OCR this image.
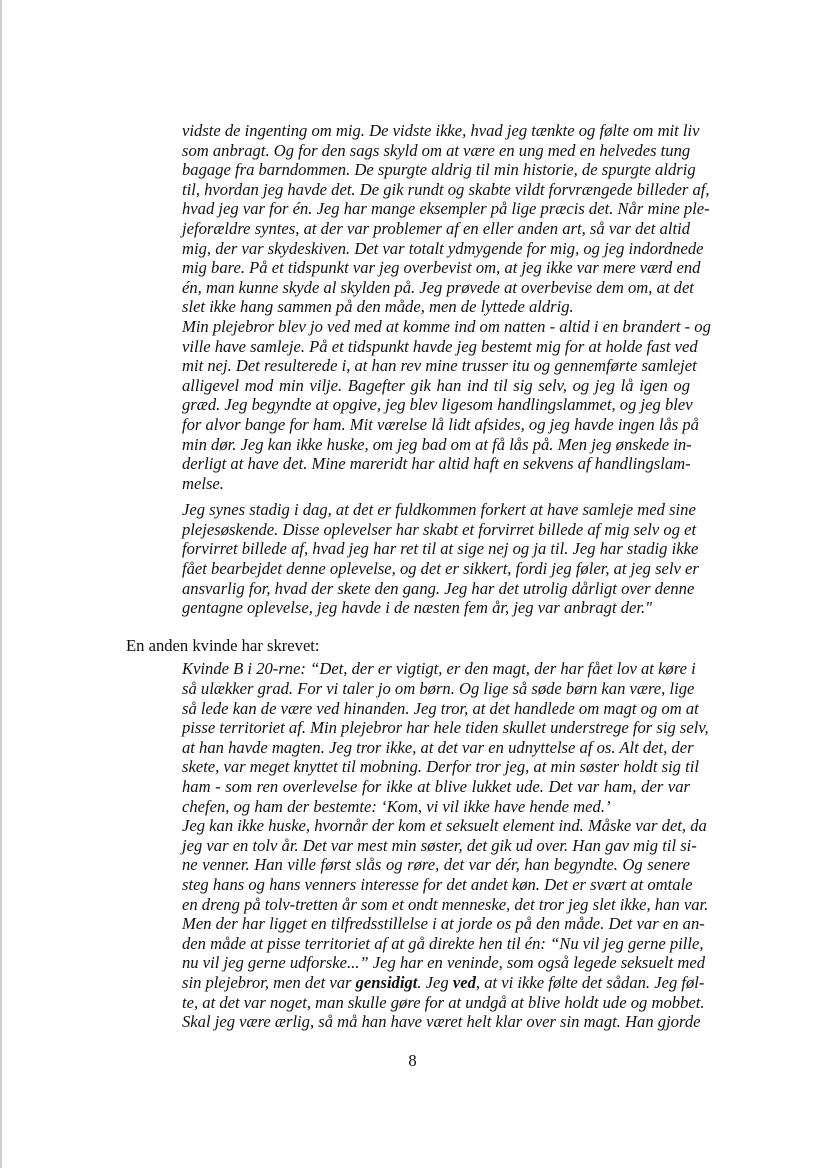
vidste de ingenting om mig. De vidste ikke, hvad jeg tænkte og følte om mit liv
som anbragt. Og for den sags skyld om at være en ung med en helvedes tung
bagage fra barndommen. De spurgte aldrig til min historie, de spurgte aldrig
til, hvordan jeg havde det. De gik rundt og skabte vildt forvrængede billeder af,
hvad jeg var for én. Jeg har mange eksempler på lige præcis det. Når mine ple-
jeforældre syntes, at der var problemer af en eller anden art, så var det altid
mig, der var skydeskiven. Det var totalt ydmygende for mig, og jeg indordnede
mig bare. På et tidspunkt var jeg overbevist om, at jeg ikke var mere værd end
én, man kunne skyde al skylden på. Jeg prøvede at overbevise dem om, at det
slet ikke hang sammen på den måde, men de lyttede aldrig.
Min plejebror blev jo ved med at komme ind om natten - altid i en brandert - og
ville have samleje. På et tidspunkt havde jeg bestemt mig for at holde fast ved
mit nej. Det resulterede i, at han rev mine trusser itu og gennemførte samlejet
alligevel mod min vilje. Bagefter gik han ind til sig selv, og jeg lå igen og
græd. Jeg begyndte at opgive, jeg blev ligesom handlingslammet, og jeg blev
for alvor bange for ham. Mit værelse lå lidt afsides, og jeg havde ingen lås på
min dør. Jeg kan ikke huske, om jeg bad om at få lås på. Men jeg ønskede in-
derligt at have det. Mine mareridt har altid haft en sekvens af handlingslam-
melse.
Jeg synes stadig i dag, at det er fuldkommen forkert at have samleje med sine
plejesøskende. Disse oplevelser har skabt et forvirret billede af mig selv og et
forvirret billede af, hvad jeg har ret til at sige nej og ja til. Jeg har stadig ikke
fået bearbejdet denne oplevelse, og det er sikkert, fordi jeg føler, at jeg selv er
ansvarlig for, hvad der skete den gang. Jeg har det utrolig dårligt over denne
gentagne oplevelse, jeg havde i de næsten fem år, jeg var anbragt der."
En anden kvinde har skrevet:
Kvinde B i 20-rne: “Det, der er vigtigt, er den magt, der har fået lov at køre i
så ulækker grad. For vi taler jo om børn. Og lige så søde børn kan være, lige
så lede kan de være ved hinanden. Jeg tror, at det handlede om magt og om at
pisse territoriet af. Min plejebror har hele tiden skullet understrege for sig selv,
at han havde magten. Jeg tror ikke, at det var en udnyttelse af os. Alt det, der
skete, var meget knyttet til mobning. Derfor tror jeg, at min søster holdt sig til
ham - som ren overlevelse for ikke at blive lukket ude. Det var ham, der var
chefen, og ham der bestemte: ‘Kom, vi vil ikke have hende med.’
Jeg kan ikke huske, hvornår der kom et seksuelt element ind. Måske var det, da
jeg var en tolv år. Det var mest min søster, det gik ud over. Han gav mig til si-
ne venner. Han ville først slås og røre, det var dér, han begyndte. Og senere
steg hans og hans venners interesse for det andet køn. Det er svært at omtale
en dreng på tolv-tretten år som et ondt menneske, det tror jeg slet ikke, han var.
Men der har ligget en tilfredsstillelse i at jorde os på den måde. Det var en an-
den måde at pisse territoriet af at gå direkte hen til én: “Nu vil jeg gerne pille,
nu vil jeg gerne udforske...” Jeg har en veninde, som også legede seksuelt med
sin plejebror, men det var gensidigt. Jeg ved, at vi ikke følte det sådan. Jeg føl-
te, at det var noget, man skulle gøre for at undgå at blive holdt ude og mobbet.
Skal jeg være ærlig, så må han have været helt klar over sin magt. Han gjorde
8
